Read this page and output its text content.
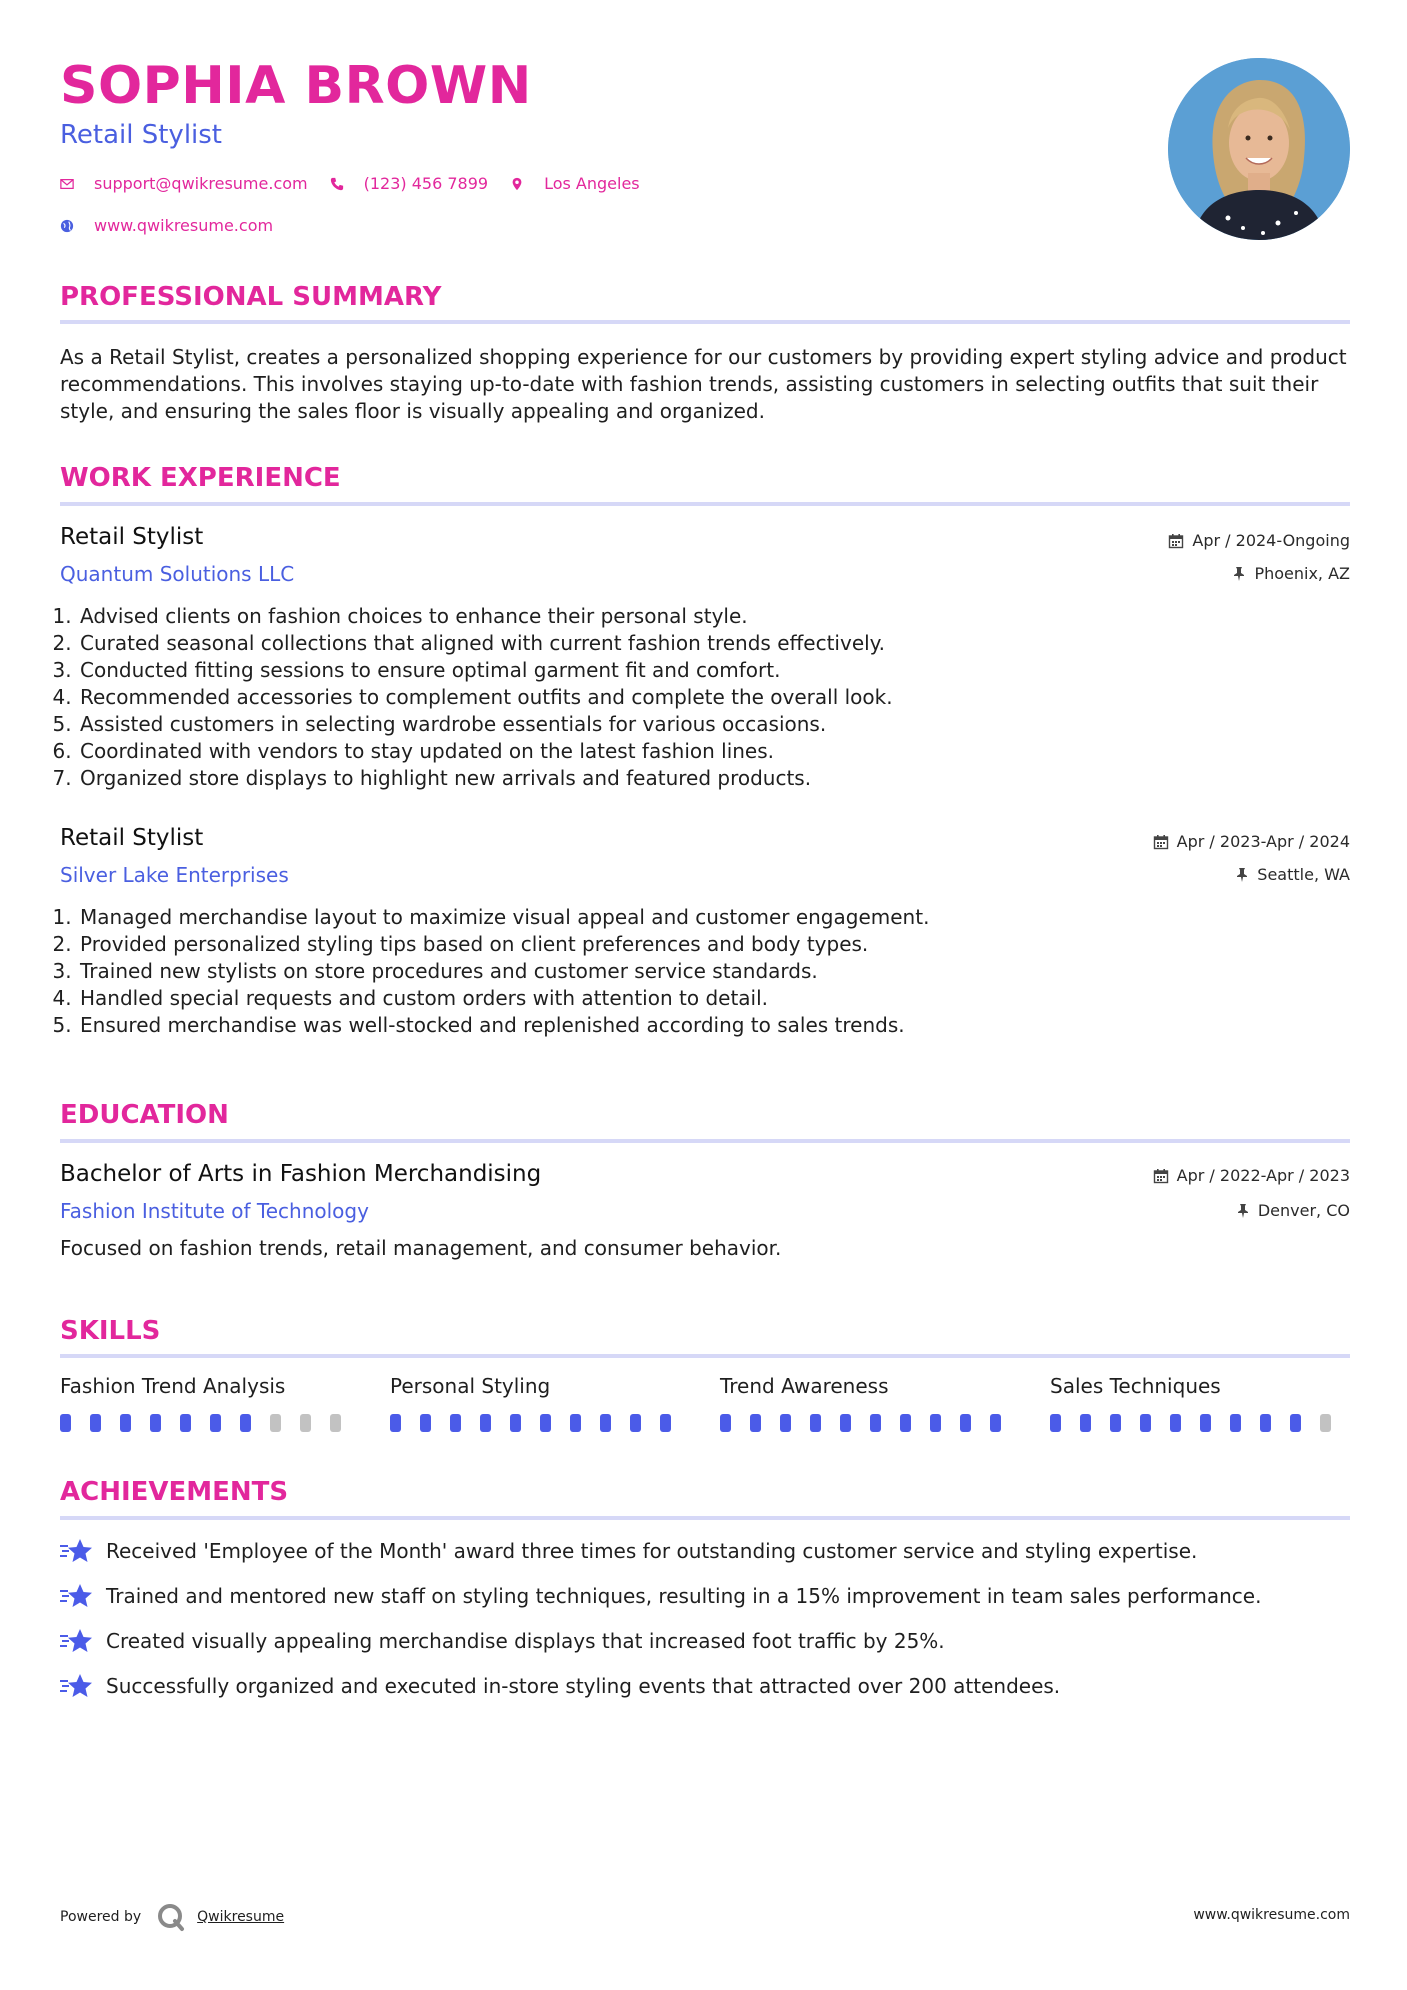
SOPHIA BROWN
Retail Stylist
support@qwikresume.com	(123) 456 7899	Los Angeles
www.qwikresume.com
PROFESSIONAL SUMMARY

As a Retail Stylist, creates a personalized shopping experience for our customers by providing expert styling advice and product recommendations. This involves staying up-to-date with fashion trends, assisting customers in selecting outfits that suit their style, and ensuring the sales floor is visually appealing and organized.

WORK EXPERIENCE
Retail Stylist
Quantum Solutions LLC
Apr / 2024-Ongoing
Phoenix, AZ
1. Advised clients on fashion choices to enhance their personal style.
2. Curated seasonal collections that aligned with current fashion trends effectively.
3. Conducted fitting sessions to ensure optimal garment fit and comfort.
4. Recommended accessories to complement outfits and complete the overall look.
5. Assisted customers in selecting wardrobe essentials for various occasions.
6. Coordinated with vendors to stay updated on the latest fashion lines.
7. Organized store displays to highlight new arrivals and featured products.
Retail Stylist
Silver Lake Enterprises
Apr / 2023-Apr / 2024
Seattle, WA
1. Managed merchandise layout to maximize visual appeal and customer engagement.
2. Provided personalized styling tips based on client preferences and body types.
3. Trained new stylists on store procedures and customer service standards.
4. Handled special requests and custom orders with attention to detail.
5. Ensured merchandise was well-stocked and replenished according to sales trends.
EDUCATION
Bachelor of Arts in Fashion Merchandising
Fashion Institute of Technology
Apr / 2022-Apr / 2023
Denver, CO
Focused on fashion trends, retail management, and consumer behavior.
SKILLS
Fashion Trend Analysis	Personal Styling	Trend Awareness	Sales Techniques
ACHIEVEMENTS
Received 'Employee of the Month' award three times for outstanding customer service and styling expertise.
Trained and mentored new staff on styling techniques, resulting in a 15% improvement in team sales performance.
Created visually appealing merchandise displays that increased foot traffic by 25%.
Successfully organized and executed in-store styling events that attracted over 200 attendees.
Powered by	Qwikresume	www.qwikresume.com
